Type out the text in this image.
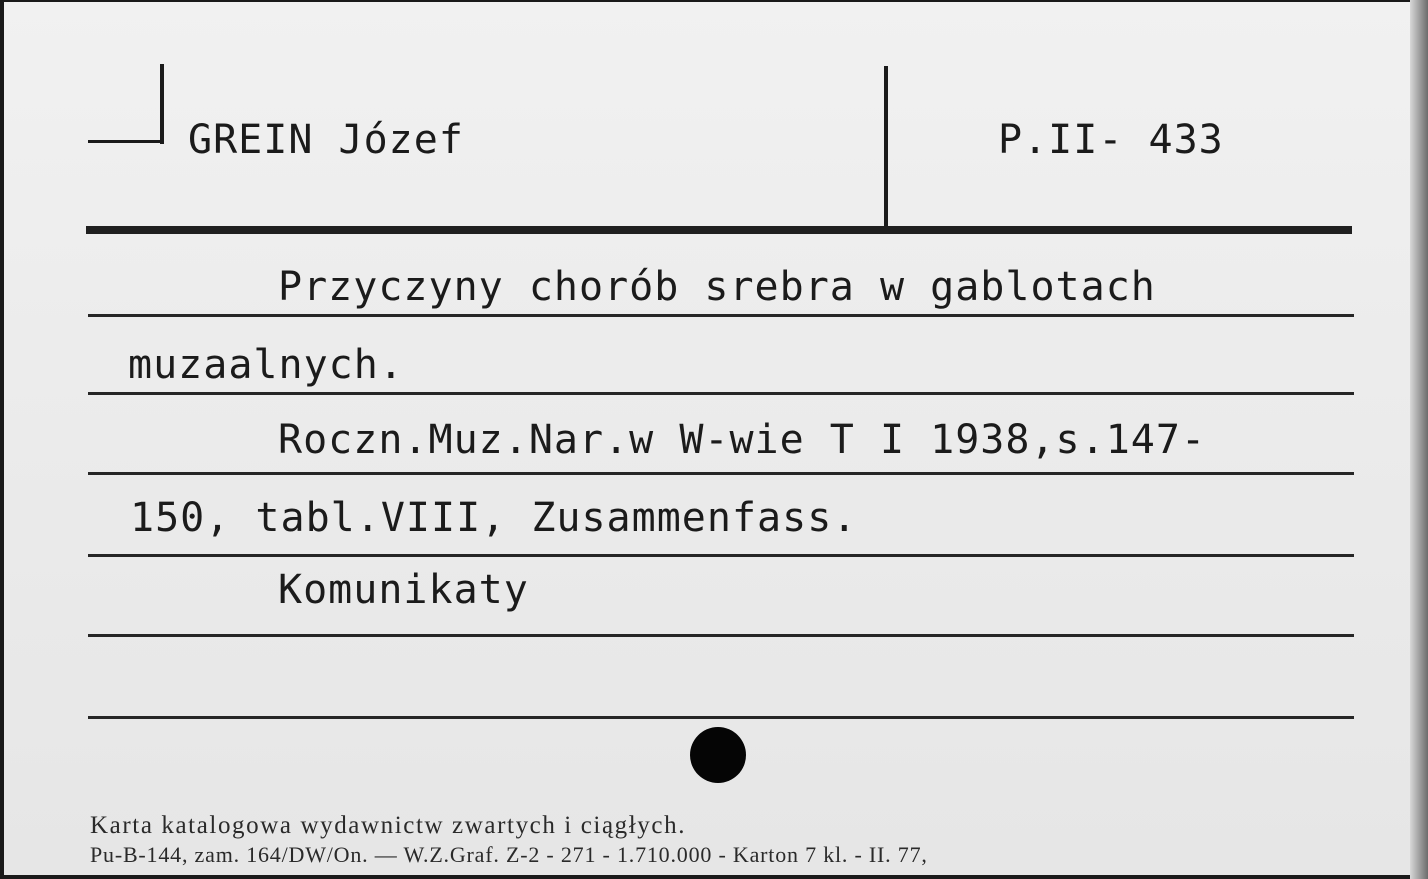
GREIN Józef	P.II- 433
Przyczyny chorób srebra w gablotach
muzaalnych.
Roczn.Muz.Nar.w W-wie T I 1938,s.147-
150, tabl.VIII, Zusammenfass.
Komunikaty
Karta katalogowa wydawnictw zwartych i ciągłych.
Pu-B-144, zam. 164/DW/On. — W.Z.Graf. Z-2 - 271 - 1.710.000 - Karton 7 kl. - II. 77,
